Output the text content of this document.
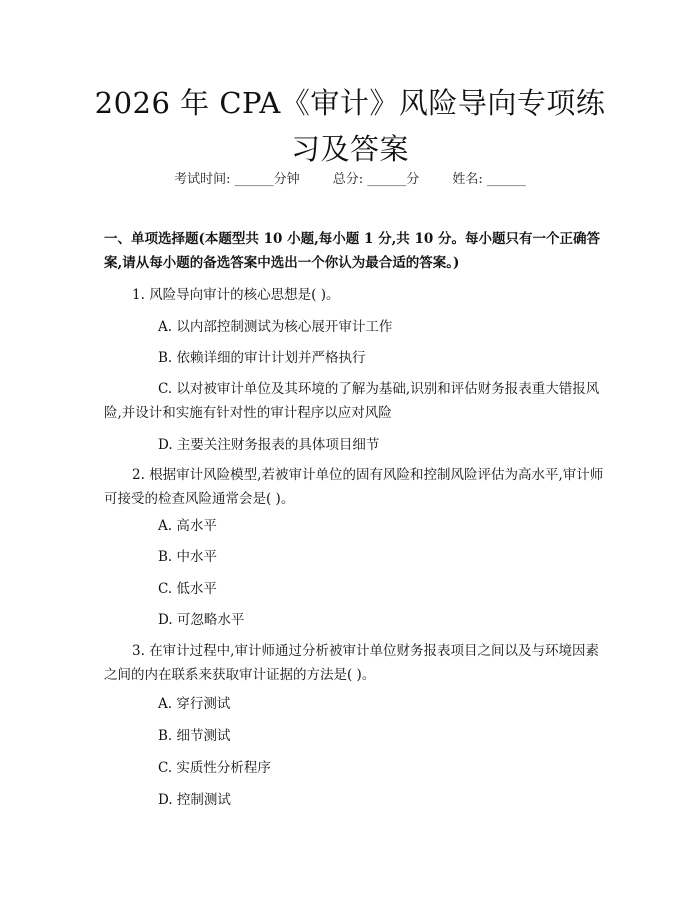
2026 年 CPA《审计》风险导向专项练习及答案
考试时间: ______分钟	总分: ______分	姓名: ______
一、单项选择题(本题型共 10 小题,每小题 1 分,共 10 分。每小题只有一个正确答案,请从每小题的备选答案中选出一个你认为最合适的答案。)
1. 风险导向审计的核心思想是( )。
A. 以内部控制测试为核心展开审计工作
B. 依赖详细的审计计划并严格执行
C. 以对被审计单位及其环境的了解为基础,识别和评估财务报表重大错报风险,并设计和实施有针对性的审计程序以应对风险
D. 主要关注财务报表的具体项目细节
2. 根据审计风险模型,若被审计单位的固有风险和控制风险评估为高水平,审计师可接受的检查风险通常会是( )。
A. 高水平
B. 中水平
C. 低水平
D. 可忽略水平
3. 在审计过程中,审计师通过分析被审计单位财务报表项目之间以及与环境因素之间的内在联系来获取审计证据的方法是( )。
A. 穿行测试
B. 细节测试
C. 实质性分析程序
D. 控制测试
